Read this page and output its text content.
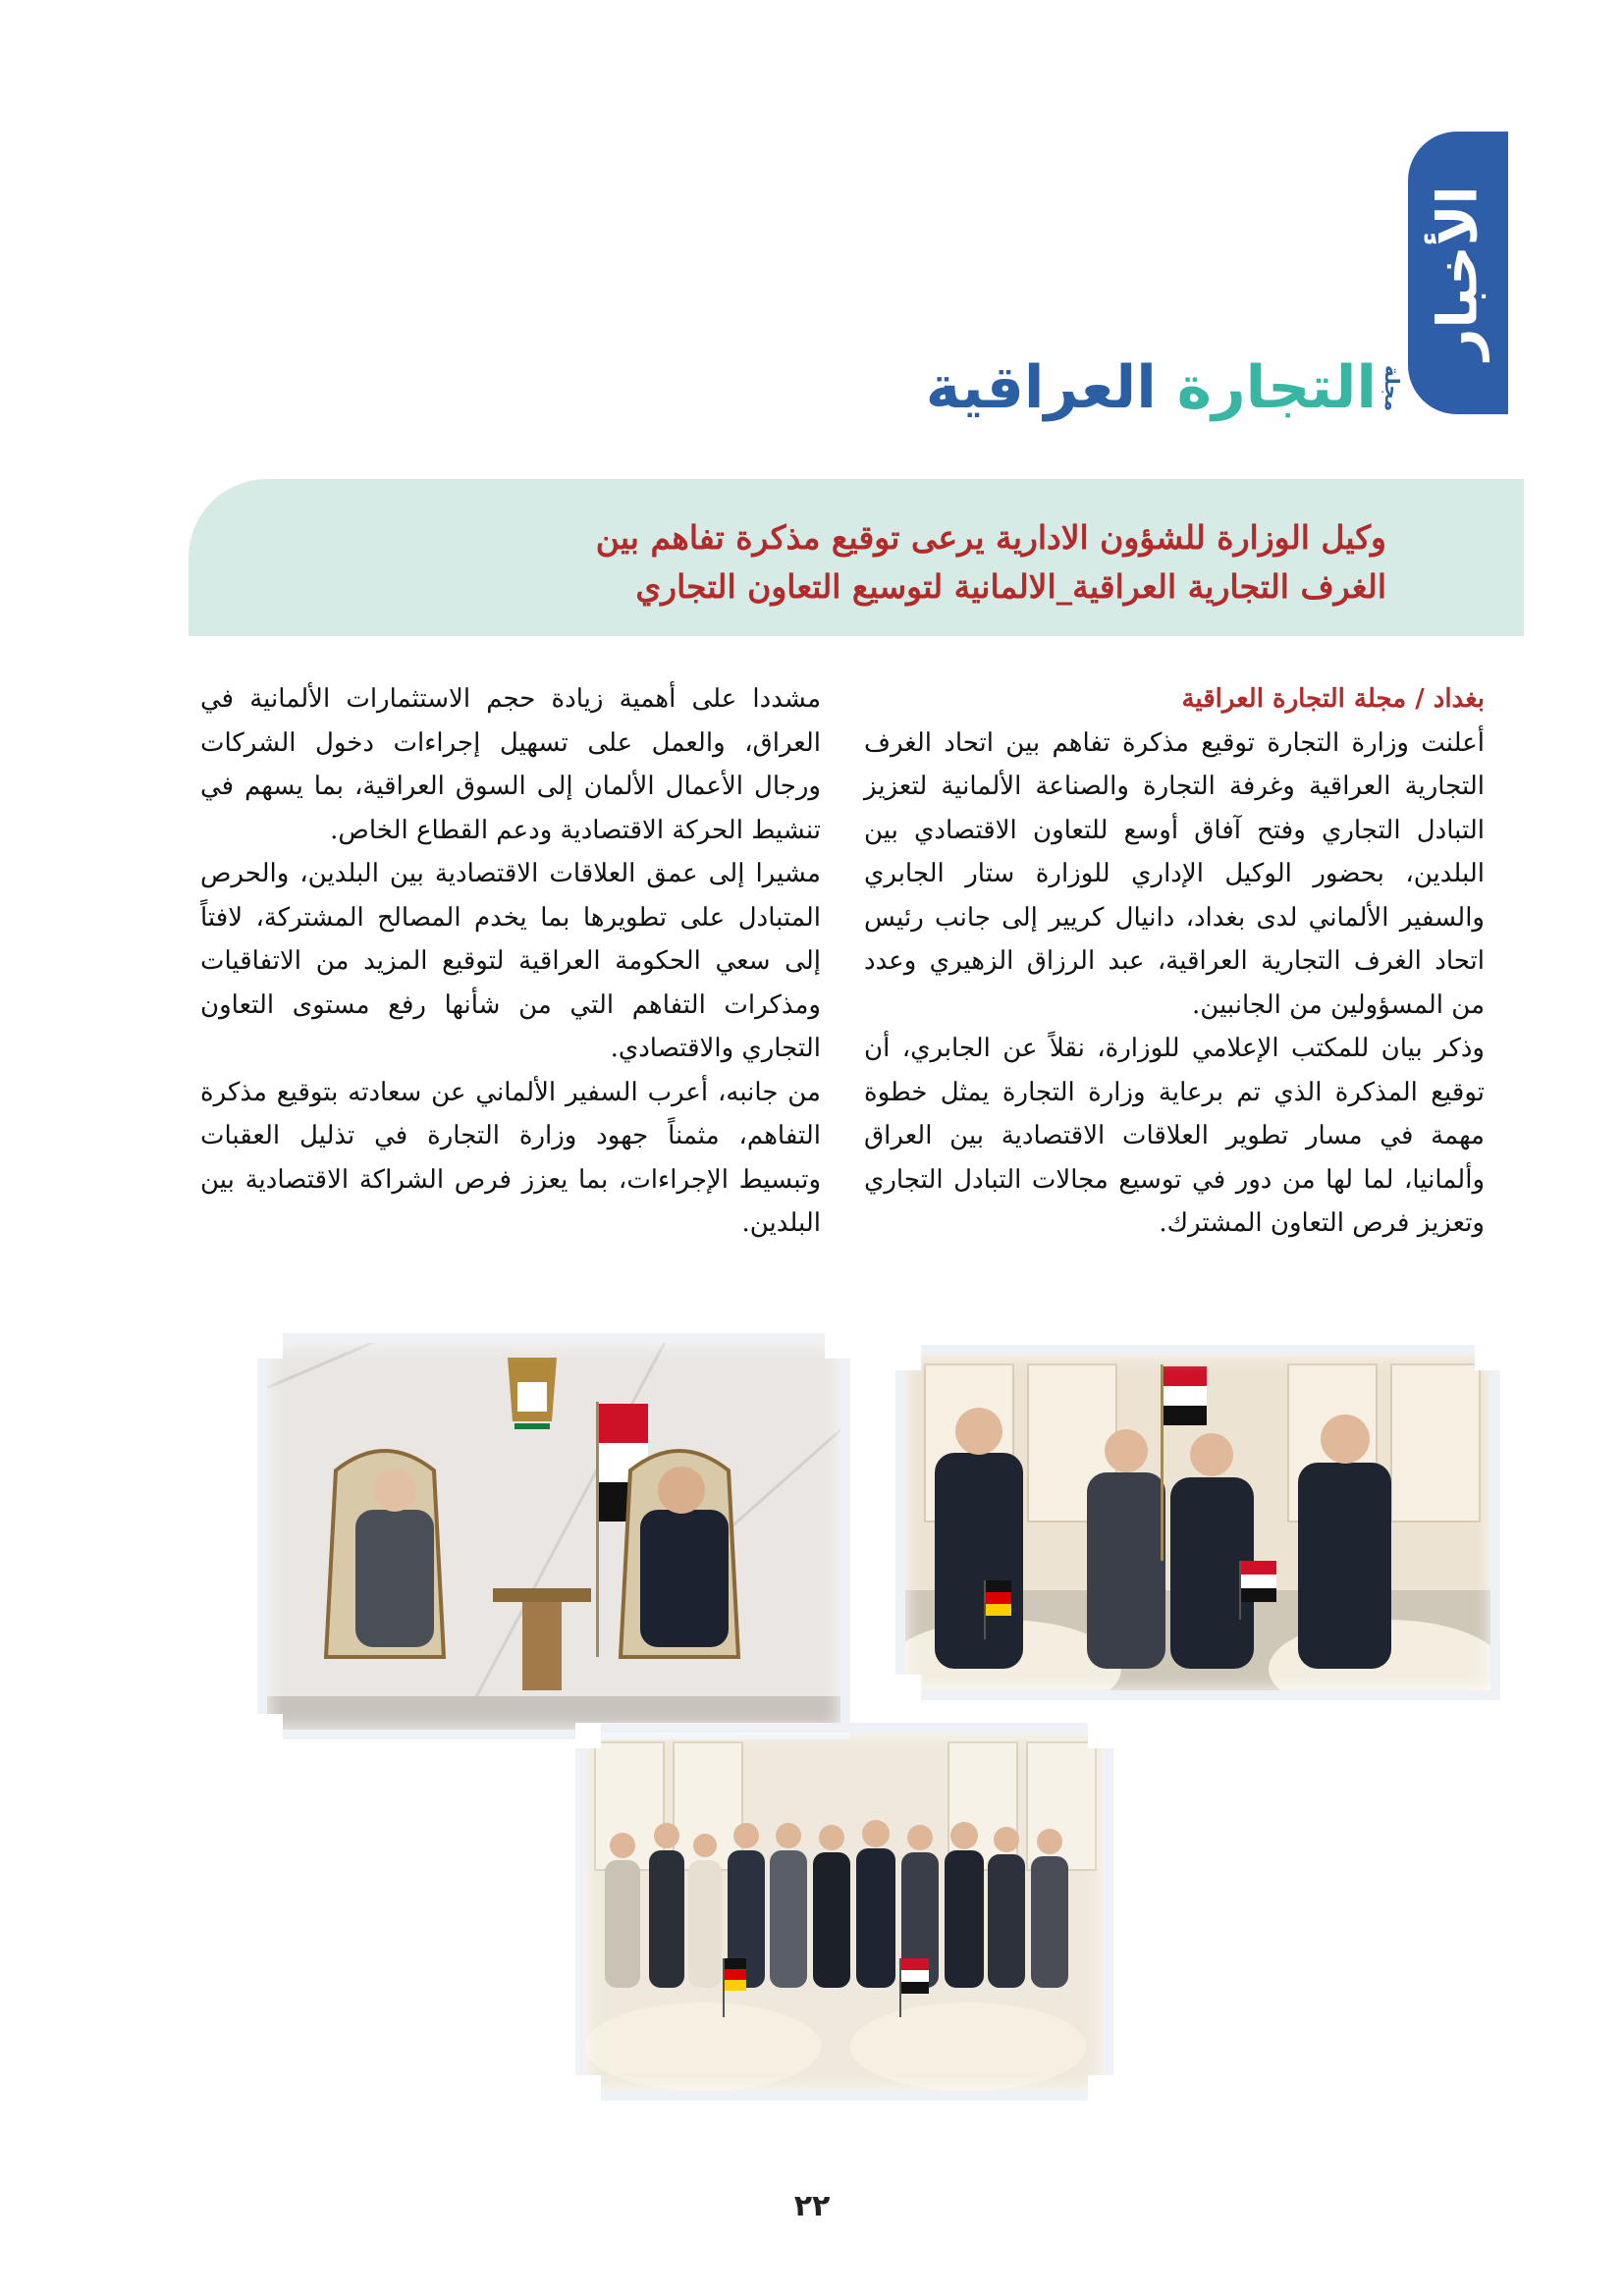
الأخبار
مجلة
التجارة العراقية
وكيل الوزارة للشؤون الادارية يرعى توقيع مذكرة تفاهم بين
الغرف التجارية العراقية_الالمانية لتوسيع التعاون التجاري

بغداد / مجلة التجارة العراقية

أعلنت وزارة التجارة توقيع مذكرة تفاهم بين اتحاد الغرف التجارية العراقية وغرفة التجارة والصناعة الألمانية لتعزيز التبادل التجاري وفتح آفاق أوسع للتعاون الاقتصادي بين البلدين، بحضور الوكيل الإداري للوزارة ستار الجابري والسفير الألماني لدى بغداد، دانيال كريير إلى جانب رئيس اتحاد الغرف التجارية العراقية، عبد الرزاق الزهيري وعدد من المسؤولين من الجانبين.

وذكر بيان للمكتب الإعلامي للوزارة، نقلاً عن الجابري، أن توقيع المذكرة الذي تم برعاية وزارة التجارة يمثل خطوة مهمة في مسار تطوير العلاقات الاقتصادية بين العراق وألمانيا، لما لها من دور في توسيع مجالات التبادل التجاري وتعزيز فرص التعاون المشترك.

مشددا على أهمية زيادة حجم الاستثمارات الألمانية في العراق، والعمل على تسهيل إجراءات دخول الشركات ورجال الأعمال الألمان إلى السوق العراقية، بما يسهم في تنشيط الحركة الاقتصادية ودعم القطاع الخاص.

مشيرا إلى عمق العلاقات الاقتصادية بين البلدين، والحرص المتبادل على تطويرها بما يخدم المصالح المشتركة، لافتاً إلى سعي الحكومة العراقية لتوقيع المزيد من الاتفاقيات ومذكرات التفاهم التي من شأنها رفع مستوى التعاون التجاري والاقتصادي.

من جانبه، أعرب السفير الألماني عن سعادته بتوقيع مذكرة التفاهم، مثمناً جهود وزارة التجارة في تذليل العقبات وتبسيط الإجراءات، بما يعزز فرص الشراكة الاقتصادية بين البلدين.

٢٢
